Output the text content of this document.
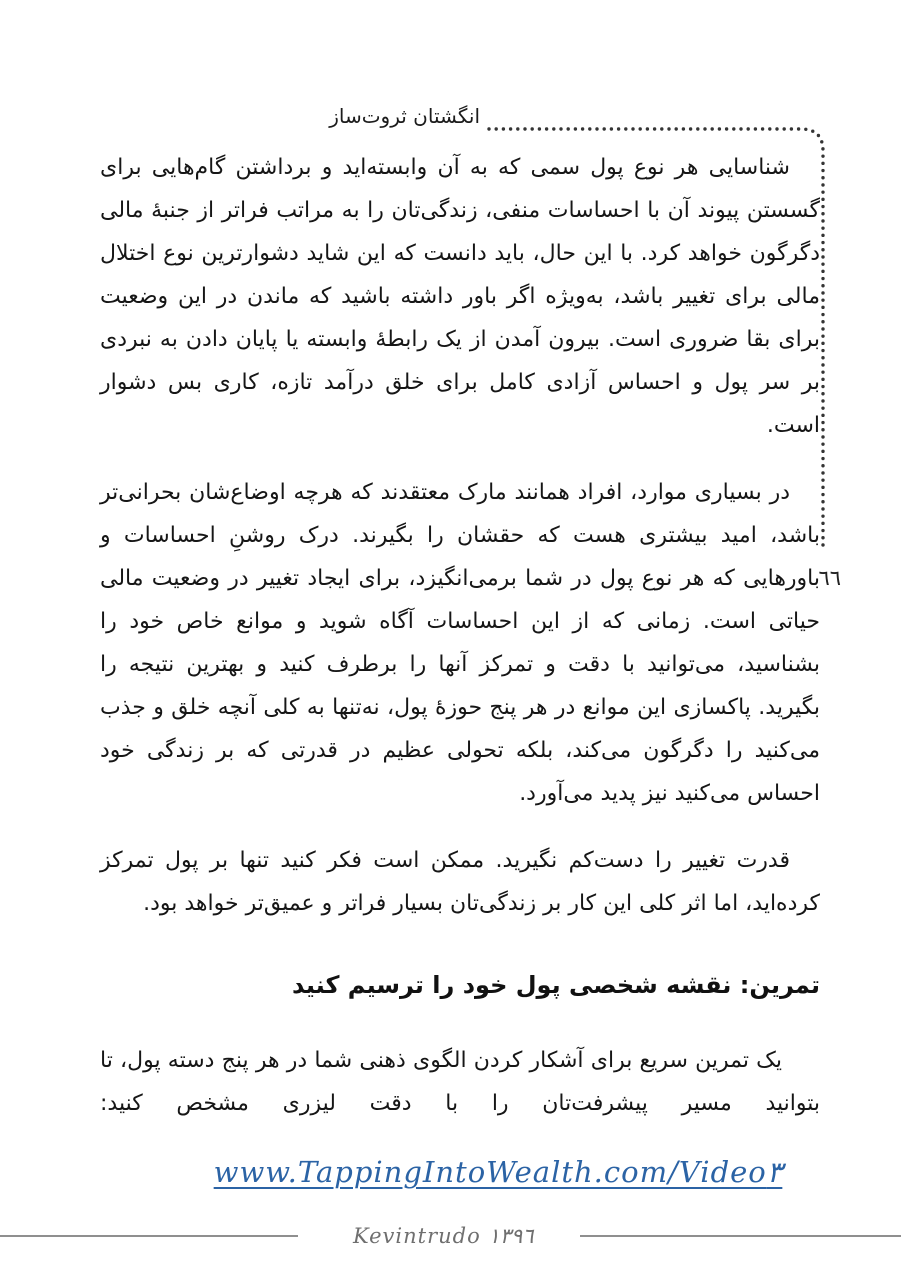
انگشتان ثروت‌ساز
٦٦

شناسایی هر نوع پول سمی که به آن وابسته‌اید و برداشتن گام‌هایی برای گسستن پیوند آن با احساسات منفی، زندگی‌تان را به مراتب فراتر از جنبهٔ مالی دگرگون خواهد کرد. با این حال، باید دانست که این شاید دشوارترین نوع اختلال مالی برای تغییر باشد، به‌ویژه اگر باور داشته باشید که ماندن در این وضعیت برای بقا ضروری است. بیرون آمدن از یک رابطهٔ وابسته یا پایان دادن به نبردی بر سر پول و احساس آزادی کامل برای خلق درآمد تازه، کاری بس دشوار است.

در بسیاری موارد، افراد همانند مارک معتقدند که هرچه اوضاع‌شان بحرانی‌تر باشد، امید بیشتری هست که حقشان را بگیرند. درک روشنِ احساسات و باورهایی که هر نوع پول در شما برمی‌انگیزد، برای ایجاد تغییر در وضعیت مالی حیاتی است. زمانی که از این احساسات آگاه شوید و موانع خاص خود را بشناسید، می‌توانید با دقت و تمرکز آنها را برطرف کنید و بهترین نتیجه را بگیرید. پاکسازی این موانع در هر پنج حوزهٔ پول، نه‌تنها به کلی آنچه خلق و جذب می‌کنید را دگرگون می‌کند، بلکه تحولی عظیم در قدرتی که بر زندگی خود احساس می‌کنید نیز پدید می‌آورد.

قدرت تغییر را دست‌کم نگیرید. ممکن است فکر کنید تنها بر پول تمرکز کرده‌اید، اما اثر کلی این کار بر زندگی‌تان بسیار فراتر و عمیق‌تر خواهد بود.

تمرین: نقشه شخصی پول خود را ترسیم کنید

یک تمرین سریع برای آشکار کردن الگوی ذهنی شما در هر پنج دسته پول، تا بتوانید مسیر پیشرفت‌تان را با دقت لیزری مشخص کنید:

www.TappingIntoWealth.com/Video٣
Kevintrudo ١٣٩٦
